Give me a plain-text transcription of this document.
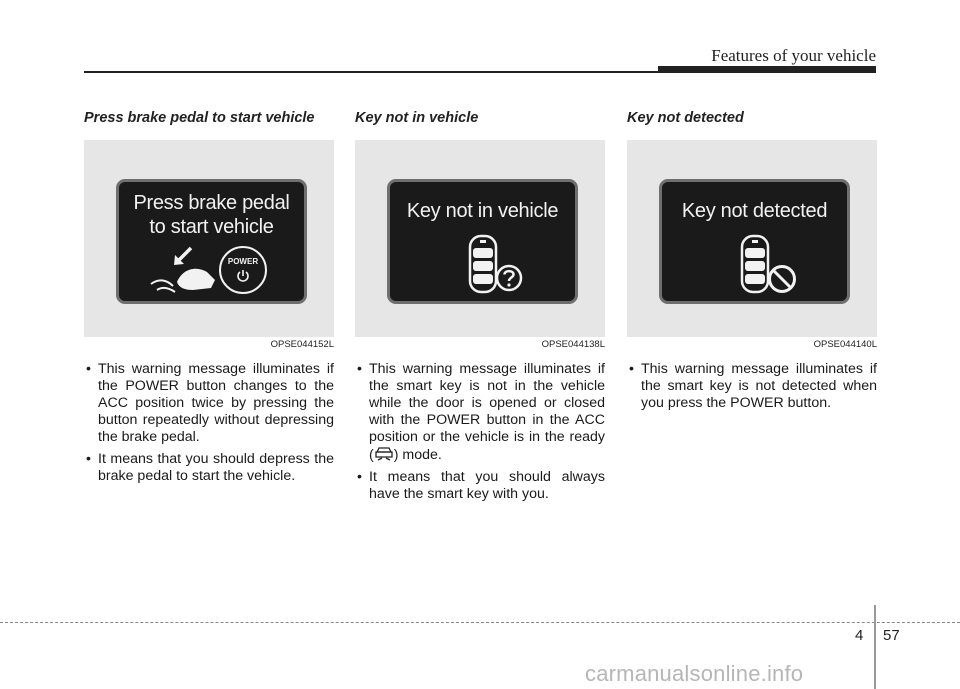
Features of your vehicle
Press brake pedal to start vehicle
Press brake pedal
to start vehicle
POWER
OPSE044152L
• This warning message illuminates if the POWER button changes to the ACC position twice by pressing the button repeatedly without depressing the brake pedal.
• It means that you should depress the brake pedal to start the vehicle.
Key not in vehicle
Key not in vehicle
OPSE044138L
• This warning message illuminates if the smart key is not in the vehicle while the door is opened or closed with the POWER button in the ACC position or the vehicle is in the ready ( ) mode.
• It means that you should always have the smart key with you.
Key not detected
Key not detected
OPSE044140L
• This warning message illuminates if the smart key is not detected when you press the POWER button.
4 57
carmanualsonline.info
